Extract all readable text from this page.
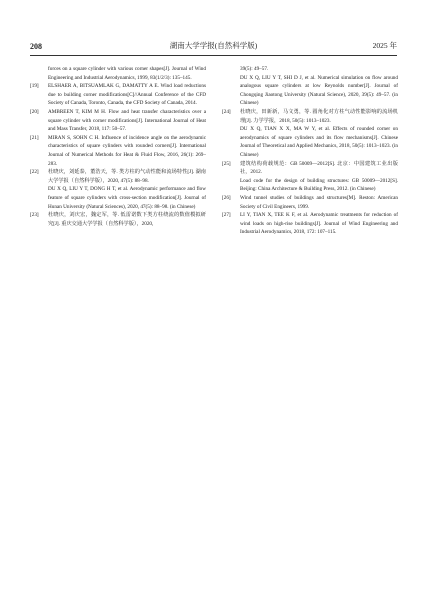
208	湖南大学学报(自然科学版)	2025 年

forces on a square cylinder with various corner shapes[J]. Journal of Wind Engineering and Industrial Aerodynamics, 1999, 83(1/2/3): 135–145.

[19] ELSHAER A, BITSUAMLAK G, DAMATTY A E. Wind load reductions due to building corner modifications[C]//Annual Conference of the CFD Society of Canada, Toronto, Canada, the CFD Society of Canada, 2014.

[20] AMBREEN T, KIM M H. Flow and heat transfer characteristics over a square cylinder with corner modifications[J]. International Journal of Heat and Mass Transfer, 2018, 117: 50–57.

[21] MIRAN S, SOHN C H. Influence of incidence angle on the aerodynamic characteristics of square cylinders with rounded corners[J]. International Journal of Numerical Methods for Heat & Fluid Flow, 2016, 26(1): 269–283.

[22] 杜晓庆，刘延泰，董浩天，等. 类方柱的气动性能和流场特性[J]. 湖南大学学报（自然科学版），2020, 47(5): 88–98.

DU X Q, LIU Y T, DONG H T, et al. Aerodynamic performance and flow feature of square cylinders with cross-section modification[J]. Journal of Hunan University (Natural Sciences), 2020, 47(5): 88–98. (in Chinese)

[23] 杜晓庆，刘庆宏，魏定军，等. 低雷诺数下类方柱绕流的数值模拟研究[J]. 重庆交通大学学报（自然科学版），2020,

39(5): 49–57.

DU X Q, LIU Y T, SHI D J, et al. Numerical simulation on flow around analogous square cylinders at low Reynolds number[J]. Journal of Chongqing Jiaotong University (Natural Science), 2020, 39(5): 49–57. (in Chinese)

[24] 杜晓庆，田新新，马文勇，等. 圆角化对方柱气动性能影响的流场机理[J]. 力学学报，2018, 50(5): 1013–1023.

DU X Q, TIAN X X, MA W Y, et al. Effects of rounded corner on aerodynamics of square cylinders and its flow mechanisms[J]. Chinese Journal of Theoretical and Applied Mechanics, 2018, 50(5): 1013–1023. (in Chinese)

[25] 建筑结构荷载规范：GB 50009—2012[S]. 北京：中国建筑工业出版社，2012.

Load code for the design of building structures: GB 50009—2012[S]. Beijing: China Architecture & Building Press, 2012. (in Chinese)

[26] Wind tunnel studies of buildings and structures[M]. Reston: American Society of Civil Engineers, 1999.

[27] LI Y, TIAN X, TEE K F, et al. Aerodynamic treatments for reduction of wind loads on high-rise buildings[J]. Journal of Wind Engineering and Industrial Aerodynamics, 2018, 172: 107–115.
